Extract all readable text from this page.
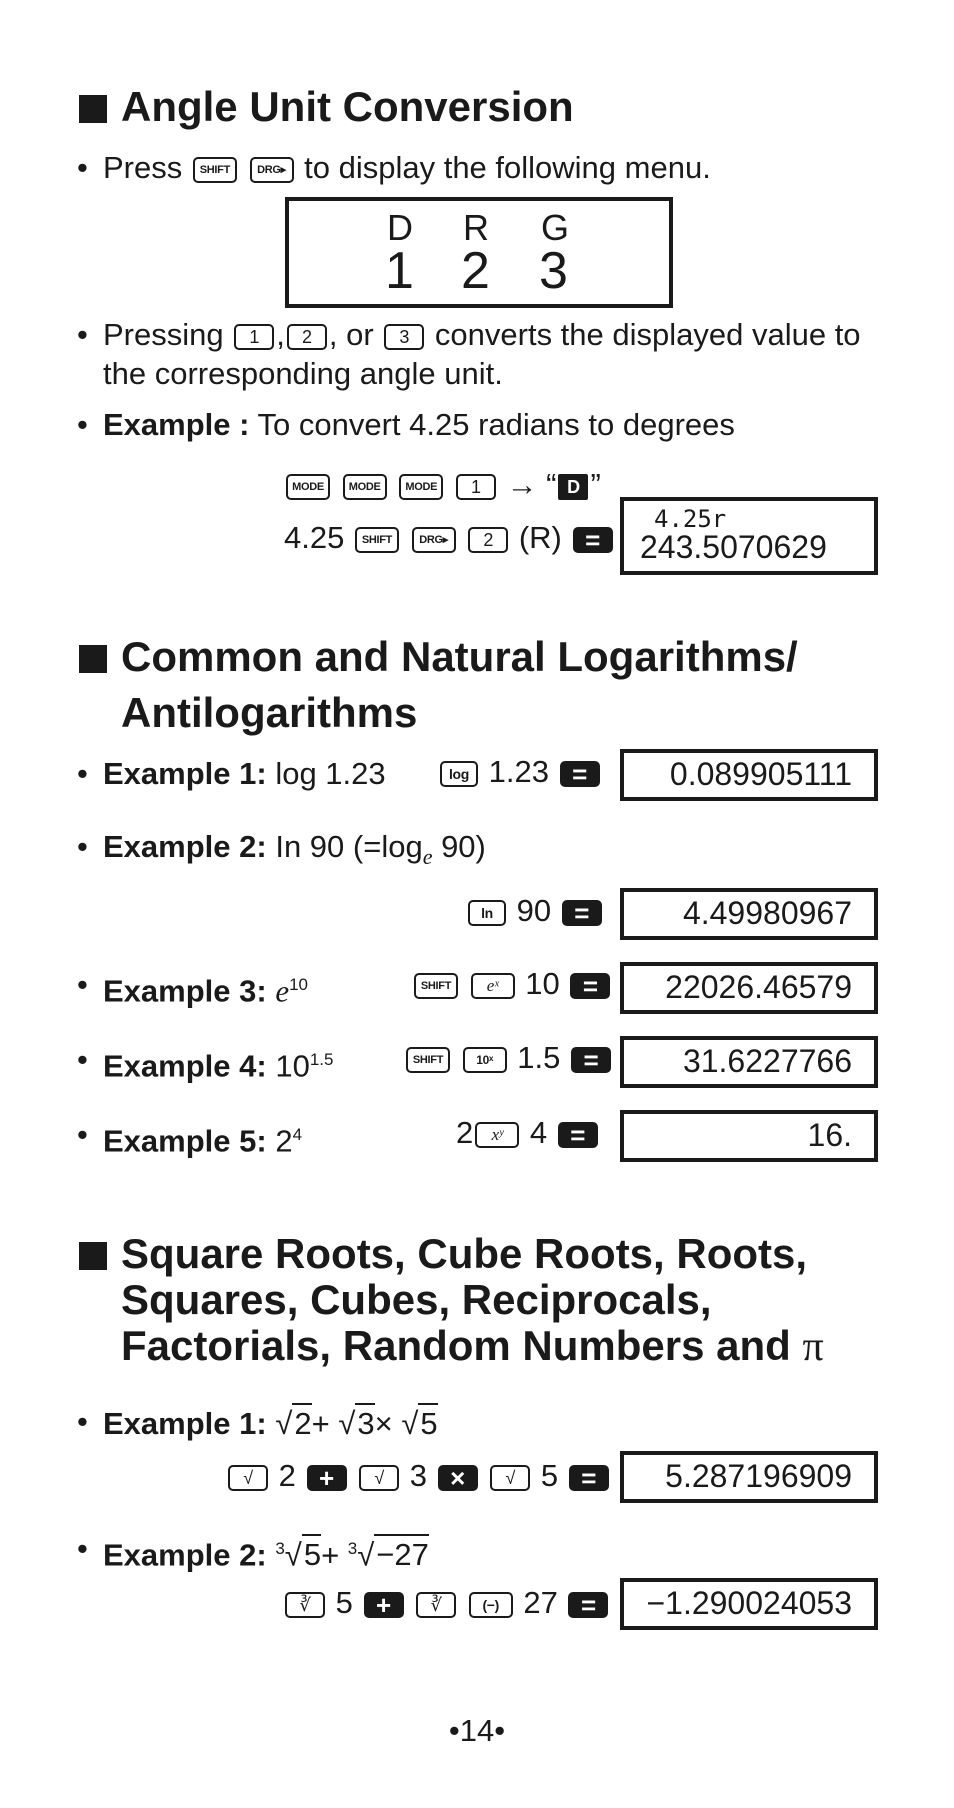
Angle Unit Conversion
• Press SHIFT DRG▸ to display the following menu.
D R G
1 2 3
• Pressing 1 , 2 , or 3 converts the displayed value to
the corresponding angle unit.
• Example : To convert 4.25 radians to degrees
MODE MODE MODE 1 → “ D ”
4.25 SHIFT DRG▸ 2 (R) =
4.25r
243.5070629
Common and Natural Logarithms/
Antilogarithms
• Example 1: log 1.23	log 1.23 =	0.089905111
• Example 2: In 90 ($=\log_e$ 90)
ln 90 =	4.49980967
• Example 3: $e^{10}$	SHIFT eˣ 10 =	22026.46579
• Example 4: $10^{1.5}$	SHIFT	10ˣ 1.5 =	31.6227766
• Example 5: $2^4$	2 xʸ 4 =	16.
Square Roots, Cube Roots, Roots,
Squares, Cubes, Reciprocals,
Factorials, Random Numbers and π
• Example 1: √2+ √3× √5
√ 2 + √ 3 × √ 5 =	5.287196909
• Example 2: $^3$√5+ $^3$√−27
∛ 5 + ∛	(−) 27 =	−1.290024053
•14•
